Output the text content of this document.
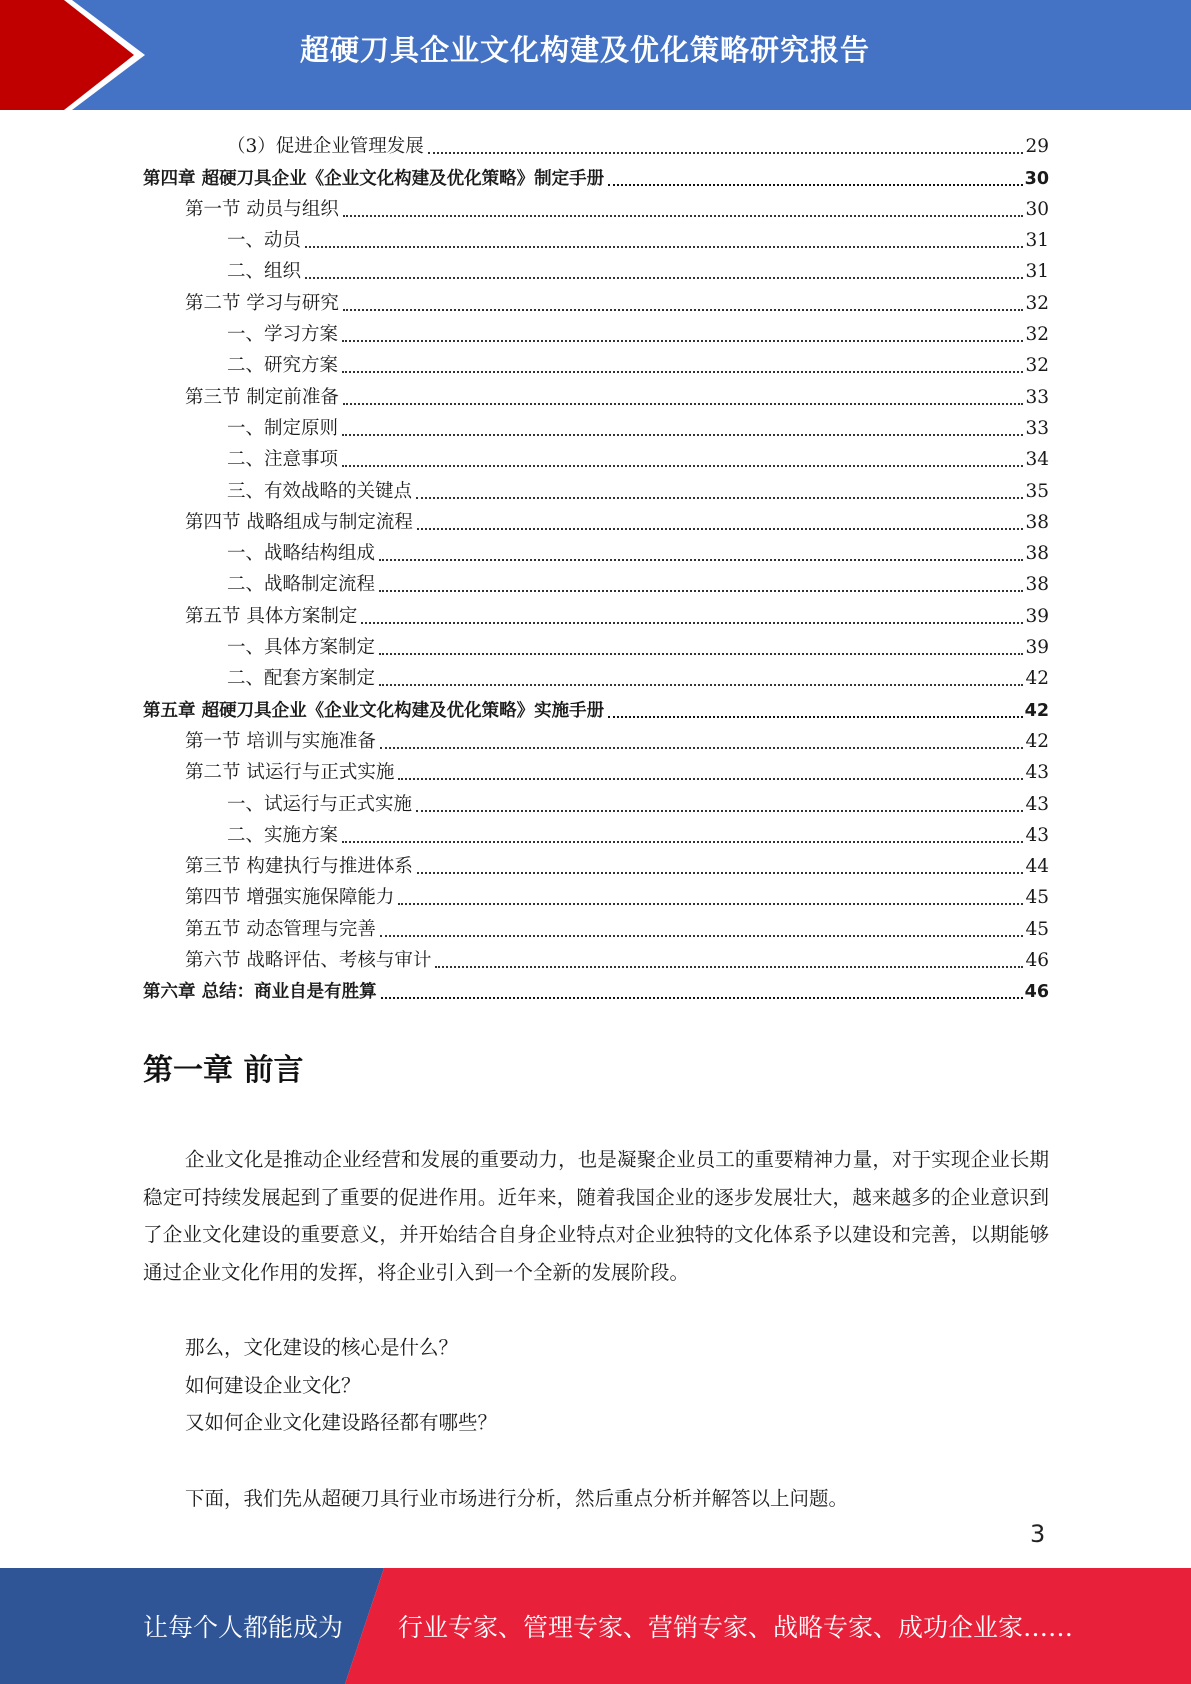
超硬刀具企业文化构建及优化策略研究报告
（3）促进企业管理发展	29
第四章 超硬刀具企业《企业文化构建及优化策略》制定手册	30
第一节 动员与组织	30
一、动员	31
二、组织	31
第二节 学习与研究	32
一、学习方案	32
二、研究方案	32
第三节 制定前准备	33
一、制定原则	33
二、注意事项	34
三、有效战略的关键点	35
第四节 战略组成与制定流程	38
一、战略结构组成	38
二、战略制定流程	38
第五节 具体方案制定	39
一、具体方案制定	39
二、配套方案制定	42
第五章 超硬刀具企业《企业文化构建及优化策略》实施手册	42
第一节 培训与实施准备	42
第二节 试运行与正式实施	43
一、试运行与正式实施	43
二、实施方案	43
第三节 构建执行与推进体系	44
第四节 增强实施保障能力	45
第五节 动态管理与完善	45
第六节 战略评估、考核与审计	46
第六章 总结：商业自是有胜算	46
第一章 前言
企业文化是推动企业经营和发展的重要动力，也是凝聚企业员工的重要精神力量，对于实现企业长期稳定可持续发展起到了重要的促进作用。近年来，随着我国企业的逐步发展壮大，越来越多的企业意识到了企业文化建设的重要意义，并开始结合自身企业特点对企业独特的文化体系予以建设和完善，以期能够通过企业文化作用的发挥，将企业引入到一个全新的发展阶段。
那么，文化建设的核心是什么？
如何建设企业文化？
又如何企业文化建设路径都有哪些？
下面，我们先从超硬刀具行业市场进行分析，然后重点分析并解答以上问题。
3
让每个人都能成为 行业专家、管理专家、营销专家、战略专家、成功企业家……
